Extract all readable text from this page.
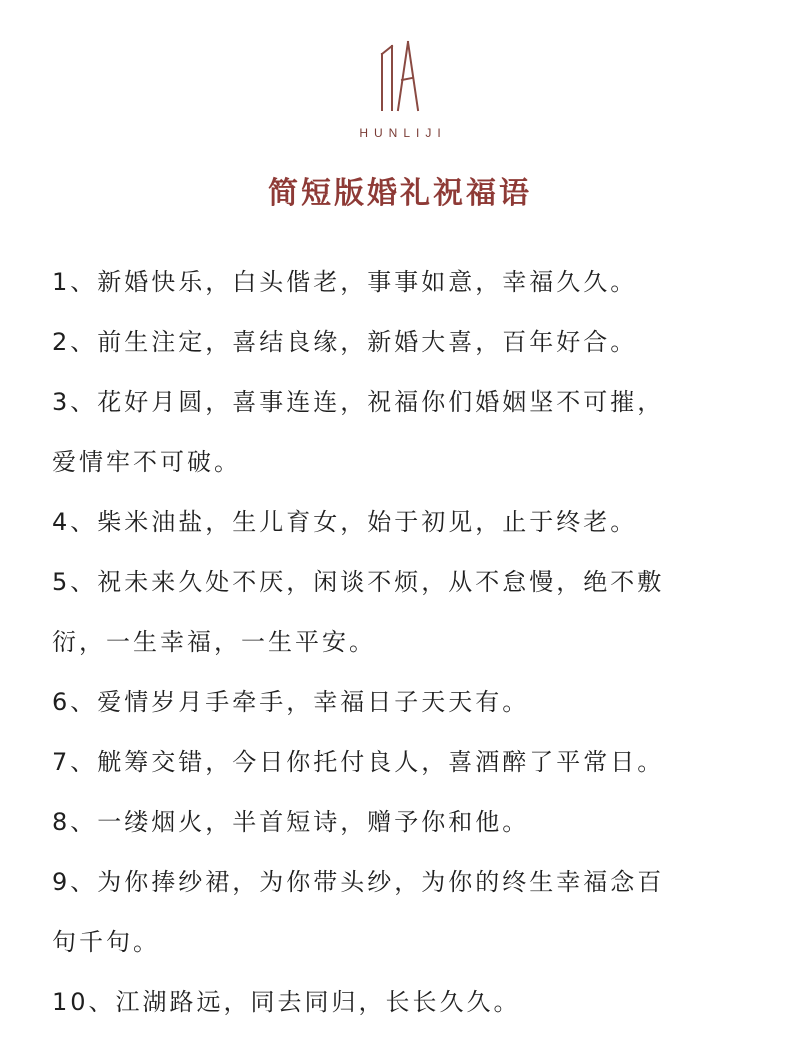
HUNLIJI
简短版婚礼祝福语
1、新婚快乐，白头偕老，事事如意，幸福久久。
2、前生注定，喜结良缘，新婚大喜，百年好合。
3、花好月圆，喜事连连，祝福你们婚姻坚不可摧，
爱情牢不可破。
4、柴米油盐，生儿育女，始于初见，止于终老。
5、祝未来久处不厌，闲谈不烦，从不怠慢，绝不敷
衍，一生幸福，一生平安。
6、爱情岁月手牵手，幸福日子天天有。
7、觥筹交错，今日你托付良人，喜酒醉了平常日。
8、一缕烟火，半首短诗，赠予你和他。
9、为你捧纱裙，为你带头纱，为你的终生幸福念百
句千句。
10、江湖路远，同去同归，长长久久。
